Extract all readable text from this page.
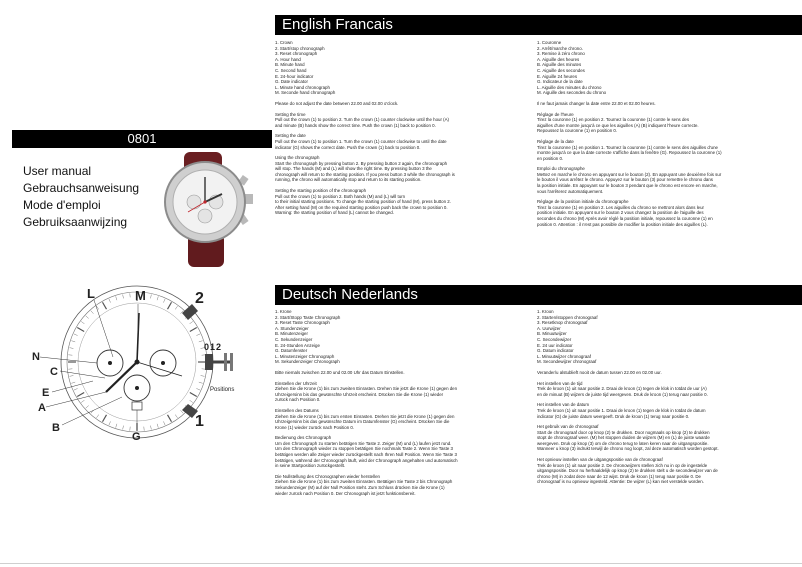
English Francais

1. Crown
2. Start/stop chronograph
3. Reset chronograph
A. Hour hand
B. Minute hand
C. Second hand
E. 24-hour indicator
G. Date indicator
L. Minute hand chronograph
M. Seconde hand chronograph

Please do not adjust the date between 22.00 and 02.00 o'clock.

Setting the time
Pull out the crown (1) to position 2. Turn the crown (1) counter clockwise until the hour (A)
and minute (B) hands show the correct time. Push the crown (1) back to position 0.

Setting the date
Pull out the crown (1) to position 1. Turn the crown (1) counter clockwise to until the date
indicator (G) shows the correct date. Push the crown (1) back to position 0.

Using the chronograph
Start the chronograph by pressing button 2. By pressing button 2 again, the chronograph
will stop. The hands (M) and (L) will show the right time. By pressing button 3 the
chronograph will return to the starting position. If you press button 3 while the chronograph is
running, the chrono will automatically stop and return to its starting position.

Setting the starting position of the chronograph
Pull out the crown (1) to position 2. Both hands (M) and (L) will turn
to their initial starting positions. To change the starting position of hand (M), press button 2.
After setting hand (M) on the required starting position push back the crown to position 0.
Warning: the starting position of hand (L) cannot be changed.

1. Couronne
2. Arrêt/marche chrono.
3. Remise à zéro chrono
A. Aiguille des heures
B. Aiguille des minutes
C. Aiguille des secondes
E. Aiguille 24 heures
G. Indicateur de la date
L. Aiguille des minutes du chrono
M. Aiguille des secondes du chrono

Il ne faut jamais changer la date entre 22.00 et 02.00 heures.

Réglage de l'heure
Tirez la couronne (1) en position 2. Tournez la couronne (1) contre le sens des
aiguilles d'une montre jusqu'à ce que les aiguilles (A) (B) indiquent l'heure correcte.
Repoussez la couronne (1) en position 0.

Réglage de la date
Tirez la couronne (1) en position 1. Tournez la couronne (1) contre le sens des aiguilles d'une
montre jusqu'à ce que la date correcte s'affiche dans la fenêtre (G). Repoussez la couronne (1)
en position 0.

Emploi du chronographe
Mettez en marche le chrono en appuyant sur le bouton (2). En appuyant une deuxième fois sur
le bouton il vous arrêtez le chrono. Appuyez sur le bouton (3) pour remettre le chrono dans
la position initiale. En appuyant sur le bouton 3 pendant que le chrono est encore en marche,
vous l'arrêterez automatiquement.

Réglage de la position initiale du chronographe
Tirez la couronne (1) en position 2. Les aiguilles du chrono se mettront alors dans leur
position initiale. En appuyant sur le bouton 2 vous changez la position de l'aiguille des
secondes du chrono (M) Après avoir réglé la position initiale, repoussez la couronne (1) en
position 0. Attention : il n'est pas possible de modifier la position initiale des aiguilles (L).

0801
User manual
Gebrauchsanweisung
Mode d'emploi
Gebruiksaanwijzing
M
L
N
C
E
A
B
G
2
2
1
0
1
Positions
Deutsch Nederlands

1. Krone
2. Start/Stopp Taste Chronograph
3. Reset Taste Chronograph
A. Stundenzeiger
B. Minutenzeiger
C. Sekundenzeiger
E. 24-Stunden Anzeige
G. Datumfenster
L. Minutenzeiger Chronograph
M. Sekundenzeiger Chronograph

Bitte niemals zwischen 22.00 und 02.00 Uhr das Datum Einstellen.

Einstellen der Uhrzeit
Ziehen Sie die Krone (1) bis zum zweiten Einrasten. Drehen Sie jetzt die Krone (1) gegen den
Uhrzeigersinn bis das gewünschte Uhrzeit erscheint. Drücken Sie die Krone (1) wieder
zurück nach Position 0.

Einstellen des Datums
Ziehen Sie die Krone (1) bis zum ersten Einrasten. Drehen Sie jetzt die Krone (1) gegen den
Uhrzeigersinn bis das gewünschte Datum im Datumfenster (G) erscheint. Drücken Sie die
Krone (1) wieder zurück nach Position 0.

Bedienung des Chronograph
Um den Chronograph zu starten betätigen Sie Taste 2. Zeiger (M) und (L) laufen jetzt rund.
Um den Chronograph wieder zu stoppen betätigen Sie nochmals Taste 2. Wenn Sie Taste 3
betätigen werden alle Zeiger wieder zurückgestellt nach Ihren Null Position. Wenn Sie Taste 3
betätigen, während der Chronograph läuft, wird der Chronograph angehalten und automatisch
in seine Startposition zurückgestellt.

Die Nullstellung des Chronographen wieder herstellen
Ziehen Sie die Krone (1) bis zum zweiten Einrasten. Betätigen Sie Taste 2 bis Chronograph
Sekundenzeiger (M) auf der Null Position steht. Zum Schluss drücken Sie die Krone (1)
wieder zurück nach Position 0. Der Chronograph ist jetzt funktionsbereit.

1. Kroon
2. Starten/stoppen chronograaf
3. Resetknop chronograaf
A. Uurwijzer
B. Minuutwijzer
C. Secondewijzer
E. 24 uur indicator
G. Datum indicator
L. Minuutwijzer chronograaf
M. Secondewijzer chronograaf

Verander/u alstublieft nooit de datum tussen 22.00 en 02.00 uur.

Het instellen van de tijd
Trek de kroon (1) uit naar positie 2. Draai de kroon (1) tegen de klok in totdat de uur (A)
en de minuut (B) wijzers de juiste tijd weergeven. Druk de kroon (1) terug naar positie 0.

Het instellen van de datum
Trek de kroon (1) uit naar positie 1. Draai de kroon (1) tegen de klok in totdat de datum
indicator (G) de juiste datum weergeeft. Druk de kroon (1) terug naar positie 0.

Het gebruik van de chronograaf
Start de chronograaf door op knop (2) te drukken. Door nogmaals op knop (2) te drukken
stopt de chronograaf weer. (M) het stoppen duiden de wijzers (M) en (L) de juiste waarde
weergeven. Druk op knop (3) om de chrono terug te laten keren naar de uitgangspositie.
Wanneer u knop (3) indrukt terwijl de chrono nog loopt, zal deze automatisch worden gestopt.

Het opnieuw instellen van de uitgangspositie van de chronograaf
Trek de kroon (1) uit naar positie 2. De chronowijzers stellen zich nu in op de ingestelde
uitgangspositie. Door nu herhaaldelijk op knop (2) te drukken stelt u de secondewijzer van de
chrono (M) in zodat deze naar de 12 wijst. Druk de kroon (1) terug naar positie 0. De
chronograaf is nu opnieuw ingesteld. Attentie: De wijzer (L) kan niet verstelde worden.
